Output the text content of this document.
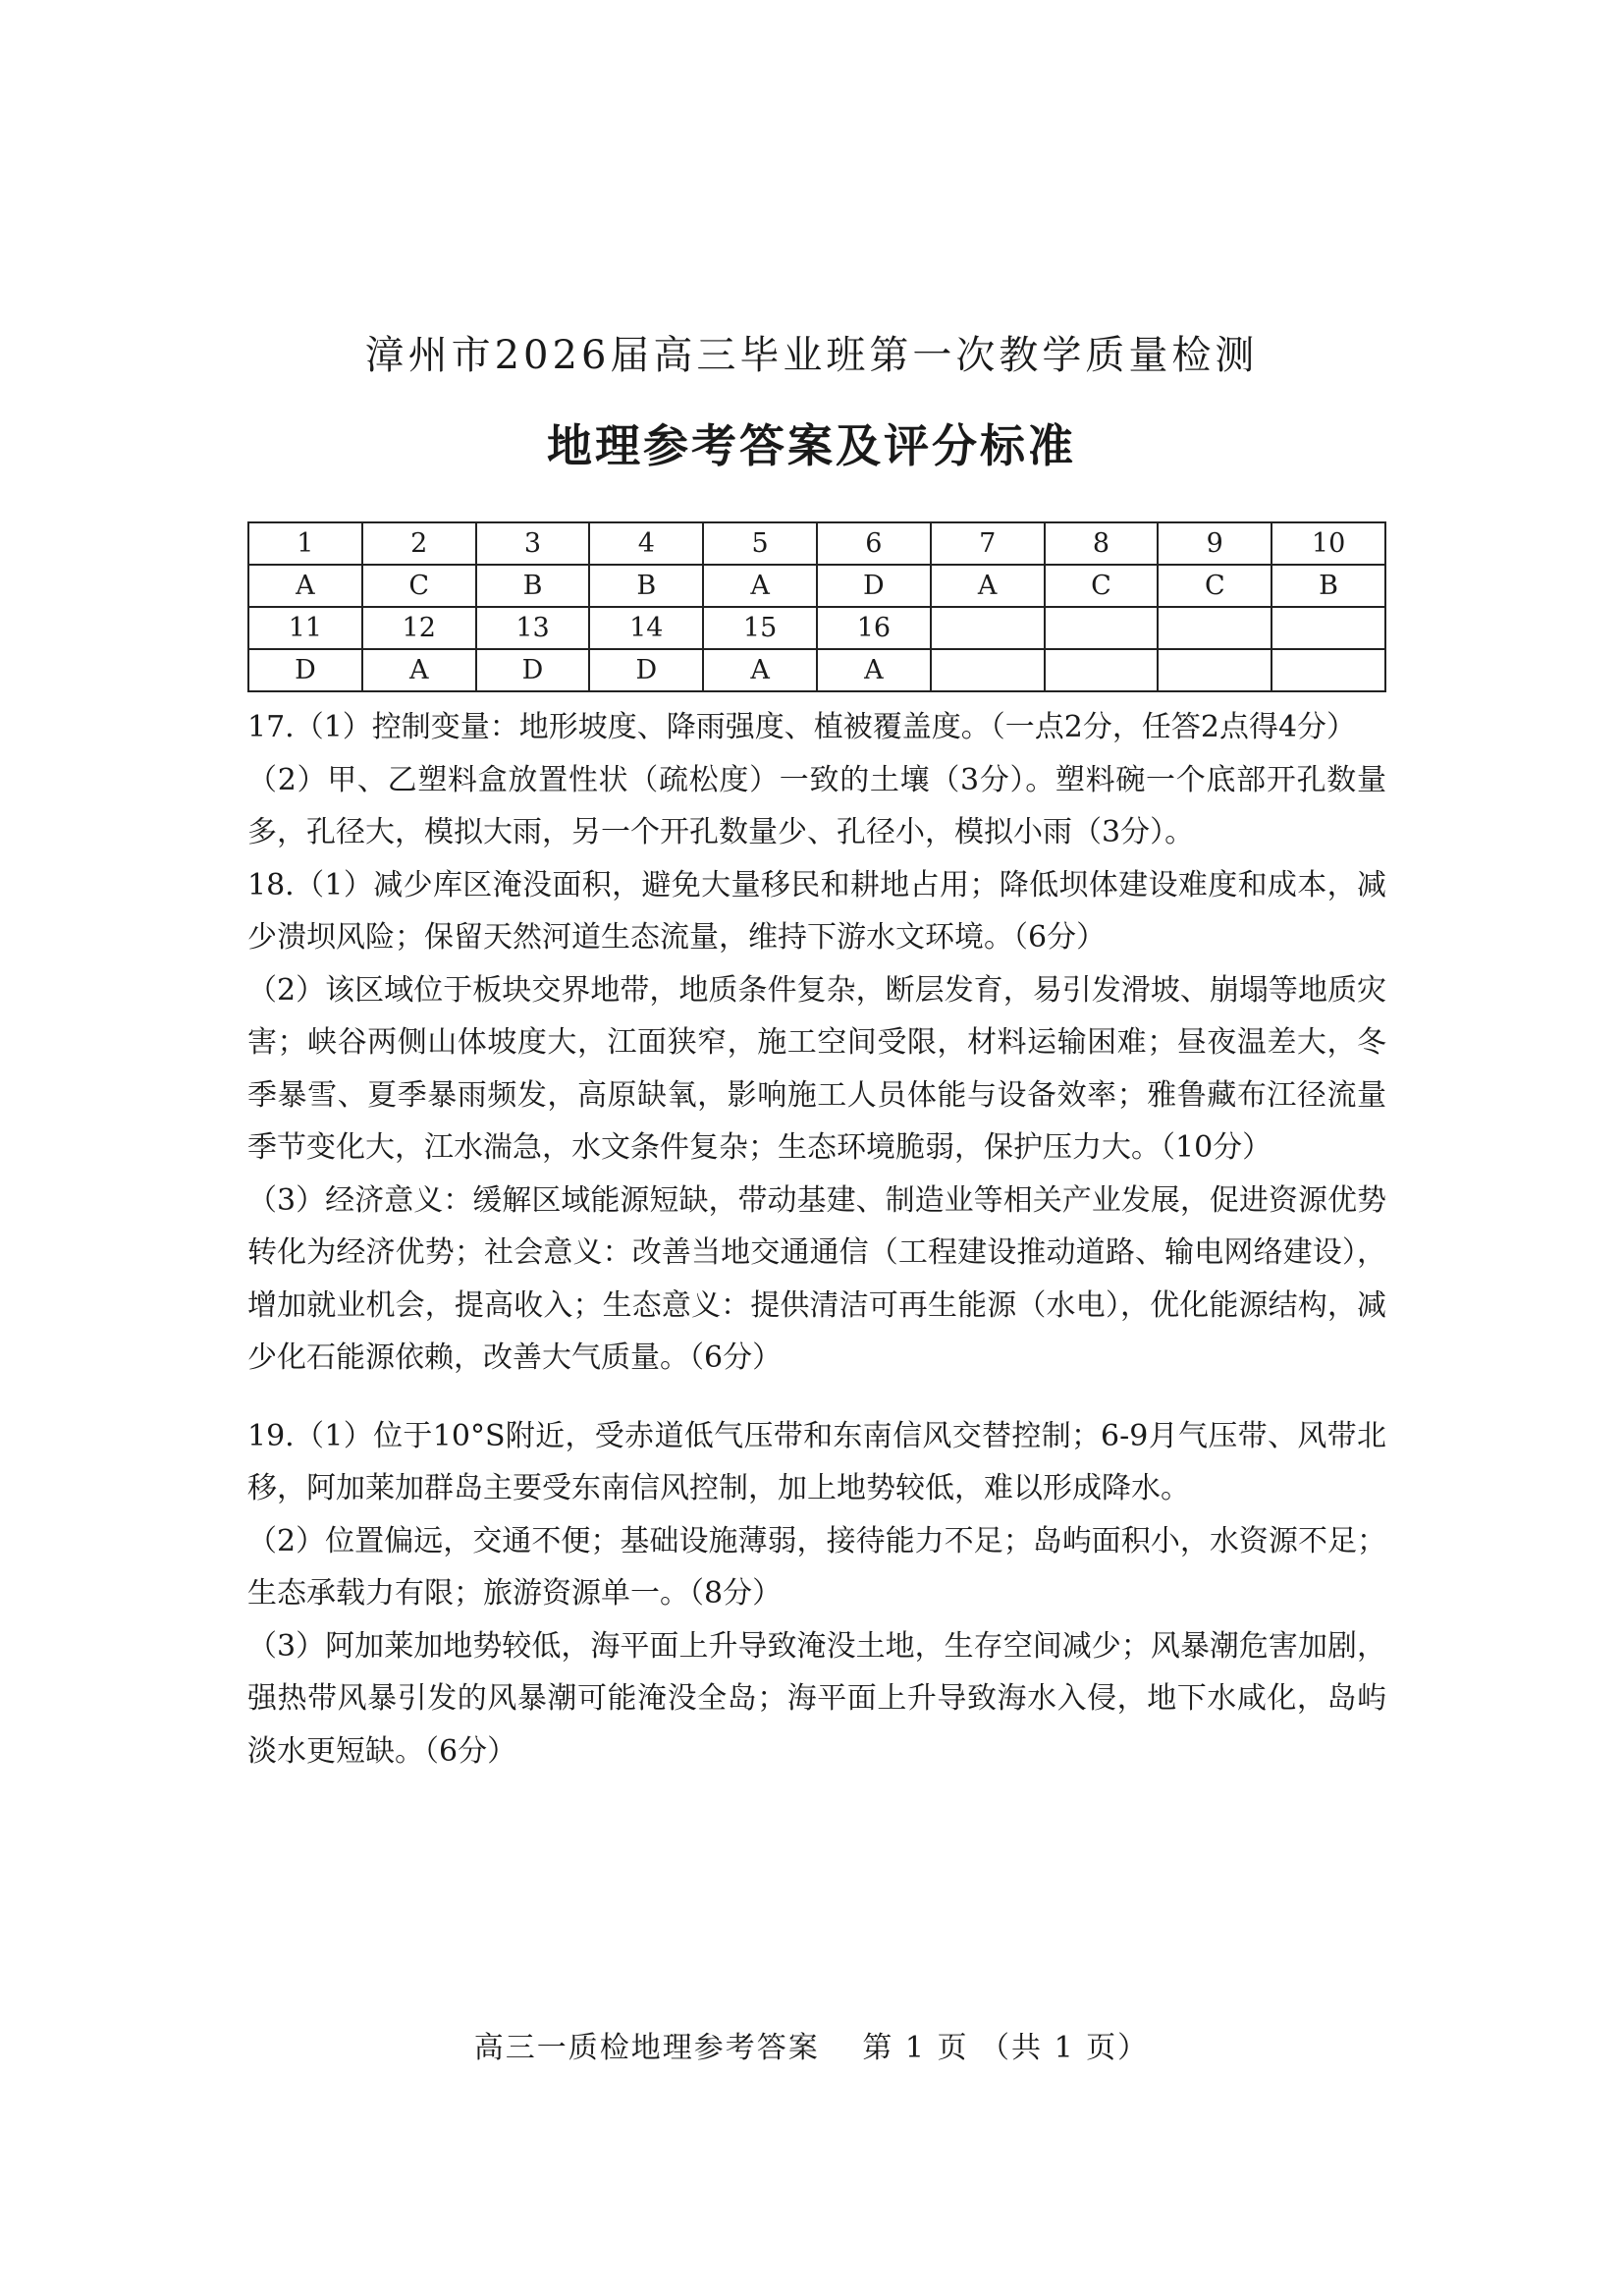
漳州市2026届高三毕业班第一次教学质量检测
地理参考答案及评分标准
1	2	3	4	5	6	7	8	9	10
A	C	B	B	A	D	A	C	C	B
11	12	13	14	15	16				
D	A	D	D	A	A				

17.（1）控制变量：地形坡度、降雨强度、植被覆盖度。（一点2分，任答2点得4分）

（2）甲、乙塑料盒放置性状（疏松度）一致的土壤（3分）。塑料碗一个底部开孔数量多，孔径大，模拟大雨，另一个开孔数量少、孔径小，模拟小雨（3分）。

18.（1）减少库区淹没面积，避免大量移民和耕地占用；降低坝体建设难度和成本，减少溃坝风险；保留天然河道生态流量，维持下游水文环境。（6分）

（2）该区域位于板块交界地带，地质条件复杂，断层发育，易引发滑坡、崩塌等地质灾害；峡谷两侧山体坡度大，江面狭窄，施工空间受限，材料运输困难；昼夜温差大，冬季暴雪、夏季暴雨频发，高原缺氧，影响施工人员体能与设备效率；雅鲁藏布江径流量季节变化大，江水湍急，水文条件复杂；生态环境脆弱，保护压力大。（10分）

（3）经济意义：缓解区域能源短缺，带动基建、制造业等相关产业发展，促进资源优势转化为经济优势；社会意义：改善当地交通通信（工程建设推动道路、输电网络建设），增加就业机会，提高收入；生态意义：提供清洁可再生能源（水电），优化能源结构，减少化石能源依赖，改善大气质量。（6分）

19.（1）位于10°S附近，受赤道低气压带和东南信风交替控制；6-9月气压带、风带北移，阿加莱加群岛主要受东南信风控制，加上地势较低，难以形成降水。

（2）位置偏远，交通不便；基础设施薄弱，接待能力不足；岛屿面积小，水资源不足；生态承载力有限；旅游资源单一。（8分）

（3）阿加莱加地势较低，海平面上升导致淹没土地，生存空间减少；风暴潮危害加剧，强热带风暴引发的风暴潮可能淹没全岛；海平面上升导致海水入侵，地下水咸化，岛屿淡水更短缺。（6分）

高三一质检地理参考答案　 第 1 页 （共 1 页）
